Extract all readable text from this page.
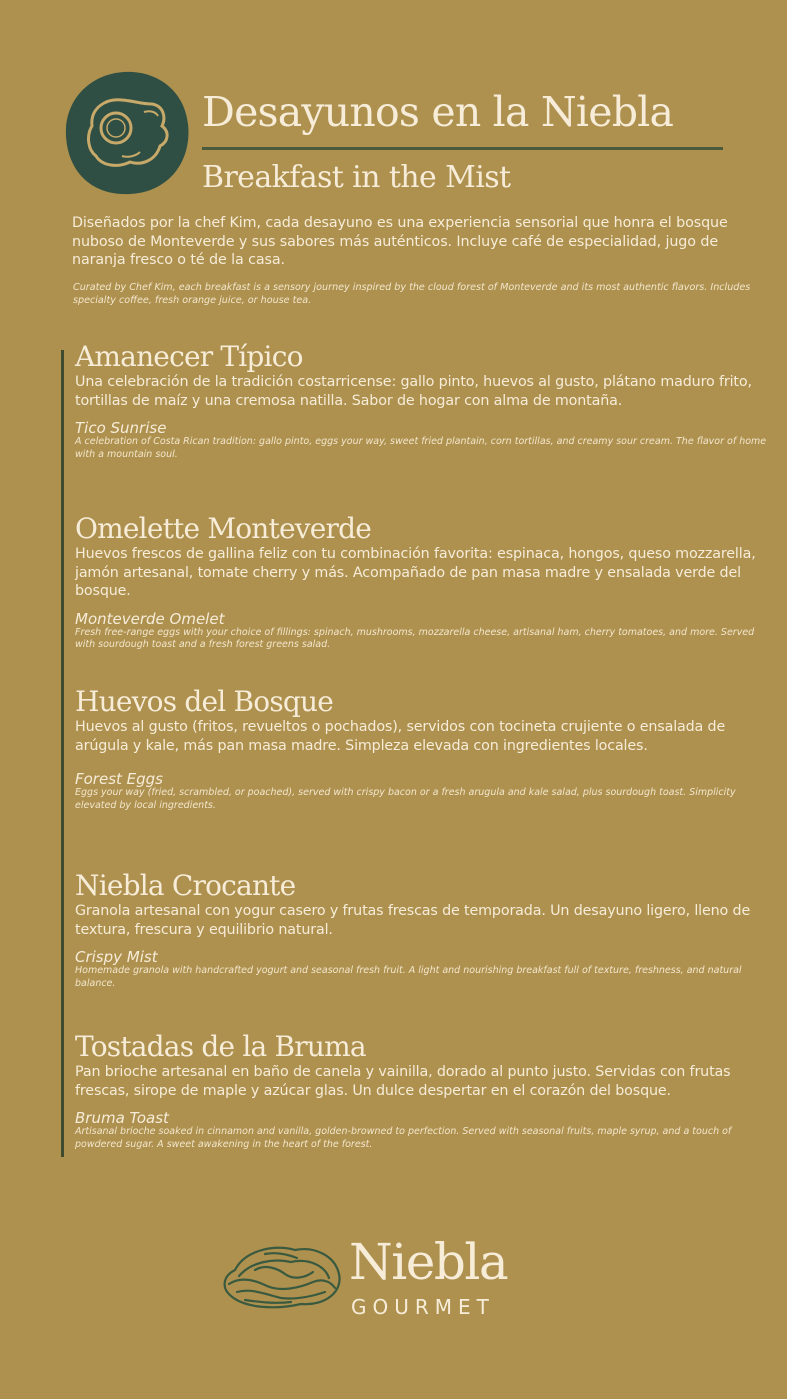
Desayunos en la Niebla
Breakfast in the Mist
Diseñados por la chef Kim, cada desayuno es una experiencia sensorial que honra el bosque nuboso de Monteverde y sus sabores más auténticos. Incluye café de especialidad, jugo de naranja fresco o té de la casa.
Curated by Chef Kim, each breakfast is a sensory journey inspired by the cloud forest of Monteverde and its most authentic flavors. Includes specialty coffee, fresh orange juice, or house tea.
Amanecer Típico
Una celebración de la tradición costarricense: gallo pinto, huevos al gusto, plátano maduro frito, tortillas de maíz y una cremosa natilla. Sabor de hogar con alma de montaña.
Tico Sunrise
A celebration of Costa Rican tradition: gallo pinto, eggs your way, sweet fried plantain, corn tortillas, and creamy sour cream. The flavor of home with a mountain soul.
Omelette Monteverde
Huevos frescos de gallina feliz con tu combinación favorita: espinaca, hongos, queso mozzarella, jamón artesanal, tomate cherry y más. Acompañado de pan masa madre y ensalada verde del bosque.
Monteverde Omelet
Fresh free-range eggs with your choice of fillings: spinach, mushrooms, mozzarella cheese, artisanal ham, cherry tomatoes, and more. Served with sourdough toast and a fresh forest greens salad.
Huevos del Bosque
Huevos al gusto (fritos, revueltos o pochados), servidos con tocineta crujiente o ensalada de arúgula y kale, más pan masa madre. Simpleza elevada con ingredientes locales.
Forest Eggs
Eggs your way (fried, scrambled, or poached), served with crispy bacon or a fresh arugula and kale salad, plus sourdough toast. Simplicity elevated by local ingredients.
Niebla Crocante
Granola artesanal con yogur casero y frutas frescas de temporada. Un desayuno ligero, lleno de textura, frescura y equilibrio natural.
Crispy Mist
Homemade granola with handcrafted yogurt and seasonal fresh fruit. A light and nourishing breakfast full of texture, freshness, and natural balance.
Tostadas de la Bruma
Pan brioche artesanal en baño de canela y vainilla, dorado al punto justo. Servidas con frutas frescas, sirope de maple y azúcar glas. Un dulce despertar en el corazón del bosque.
Bruma Toast
Artisanal brioche soaked in cinnamon and vanilla, golden-browned to perfection. Served with seasonal fruits, maple syrup, and a touch of powdered sugar. A sweet awakening in the heart of the forest.
Niebla
GOURMET
